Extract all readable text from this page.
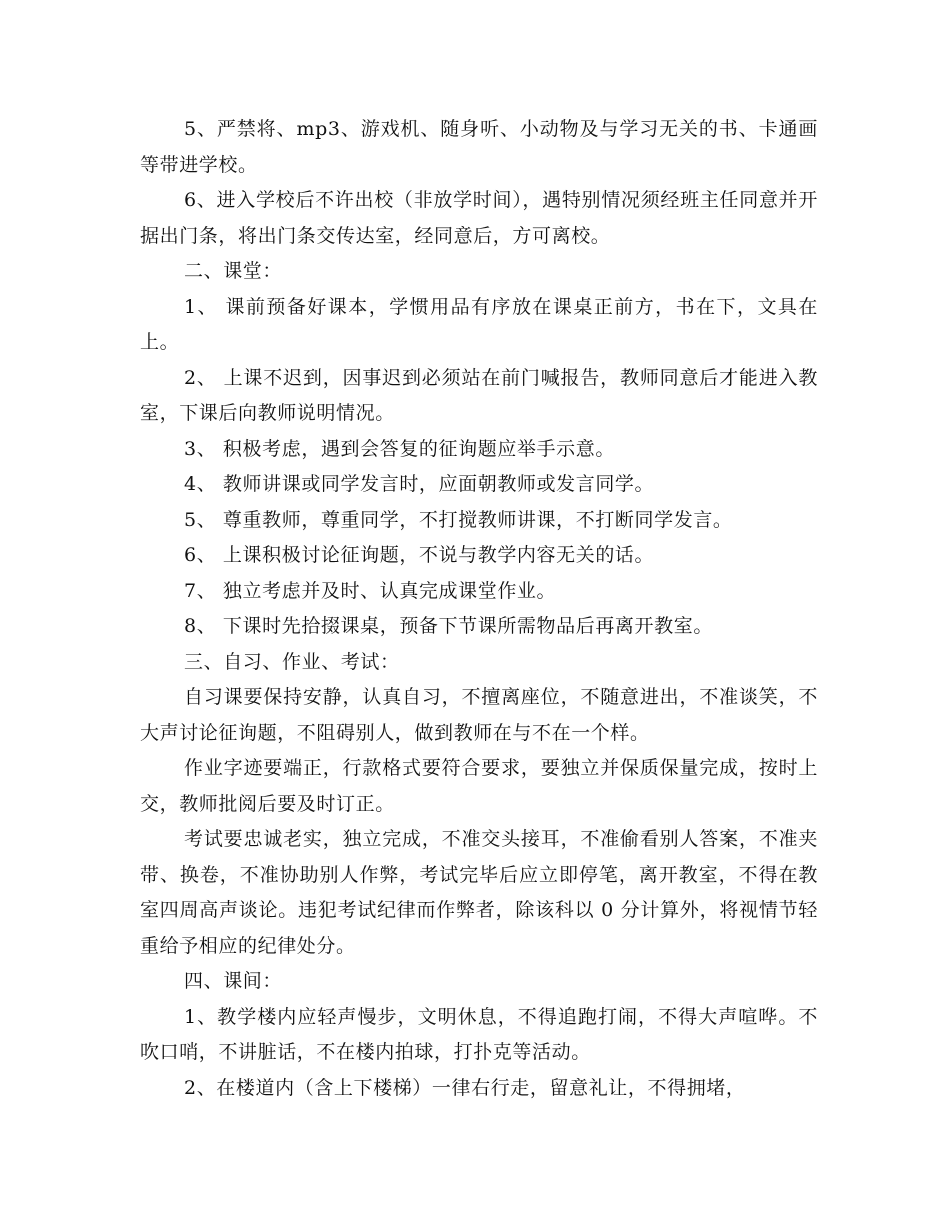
5、严禁将、mp3、游戏机、随身听、小动物及与学习无关的书、卡通画等带进学校。

6、进入学校后不许出校（非放学时间），遇特别情况须经班主任同意并开据出门条，将出门条交传达室，经同意后，方可离校。

二、课堂：

1、 课前预备好课本，学惯用品有序放在课桌正前方，书在下，文具在上。

2、 上课不迟到，因事迟到必须站在前门喊报告，教师同意后才能进入教室，下课后向教师说明情况。

3、 积极考虑，遇到会答复的征询题应举手示意。

4、 教师讲课或同学发言时，应面朝教师或发言同学。

5、 尊重教师，尊重同学，不打搅教师讲课，不打断同学发言。

6、 上课积极讨论征询题，不说与教学内容无关的话。

7、 独立考虑并及时、认真完成课堂作业。

8、 下课时先拾掇课桌，预备下节课所需物品后再离开教室。

三、自习、作业、考试：

自习课要保持安静，认真自习，不擅离座位，不随意进出，不准谈笑，不大声讨论征询题，不阻碍别人，做到教师在与不在一个样。

作业字迹要端正，行款格式要符合要求，要独立并保质保量完成，按时上交，教师批阅后要及时订正。

考试要忠诚老实，独立完成，不准交头接耳，不准偷看别人答案，不准夹带、换卷，不准协助别人作弊，考试完毕后应立即停笔，离开教室，不得在教室四周高声谈论。违犯考试纪律而作弊者，除该科以 0 分计算外，将视情节轻重给予相应的纪律处分。

四、课间：

1、教学楼内应轻声慢步，文明休息，不得追跑打闹，不得大声喧哗。不吹口哨，不讲脏话，不在楼内拍球，打扑克等活动。

2、在楼道内（含上下楼梯）一律右行走，留意礼让，不得拥堵，
